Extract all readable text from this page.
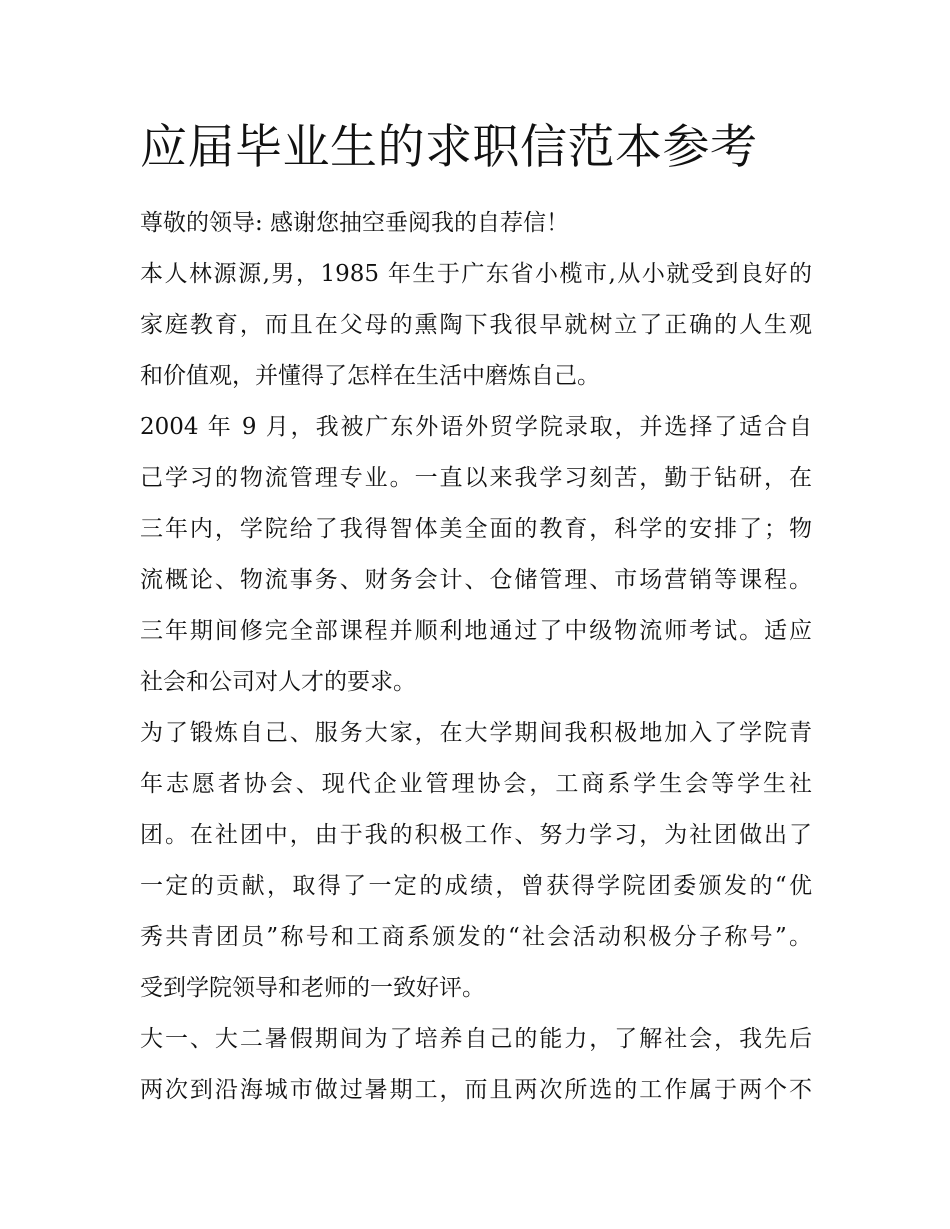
应届毕业生的求职信范本参考
尊敬的领导: 感谢您抽空垂阅我的自荐信！
本人林源源,男，1985 年生于广东省小榄市,从小就受到良好的
家庭教育，而且在父母的熏陶下我很早就树立了正确的人生观
和价值观，并懂得了怎样在生活中磨炼自己。
2004 年 9 月，我被广东外语外贸学院录取，并选择了适合自
己学习的物流管理专业。一直以来我学习刻苦，勤于钻研，在
三年内，学院给了我得智体美全面的教育，科学的安排了；物
流概论、物流事务、财务会计、仓储管理、市场营销等课程。
三年期间修完全部课程并顺利地通过了中级物流师考试。适应
社会和公司对人才的要求。
为了锻炼自己、服务大家，在大学期间我积极地加入了学院青
年志愿者协会、现代企业管理协会，工商系学生会等学生社
团。在社团中，由于我的积极工作、努力学习，为社团做出了
一定的贡献，取得了一定的成绩，曾获得学院团委颁发的“优
秀共青团员”称号和工商系颁发的“社会活动积极分子称号”。
受到学院领导和老师的一致好评。
大一、大二暑假期间为了培养自己的能力，了解社会，我先后
两次到沿海城市做过暑期工，而且两次所选的工作属于两个不
